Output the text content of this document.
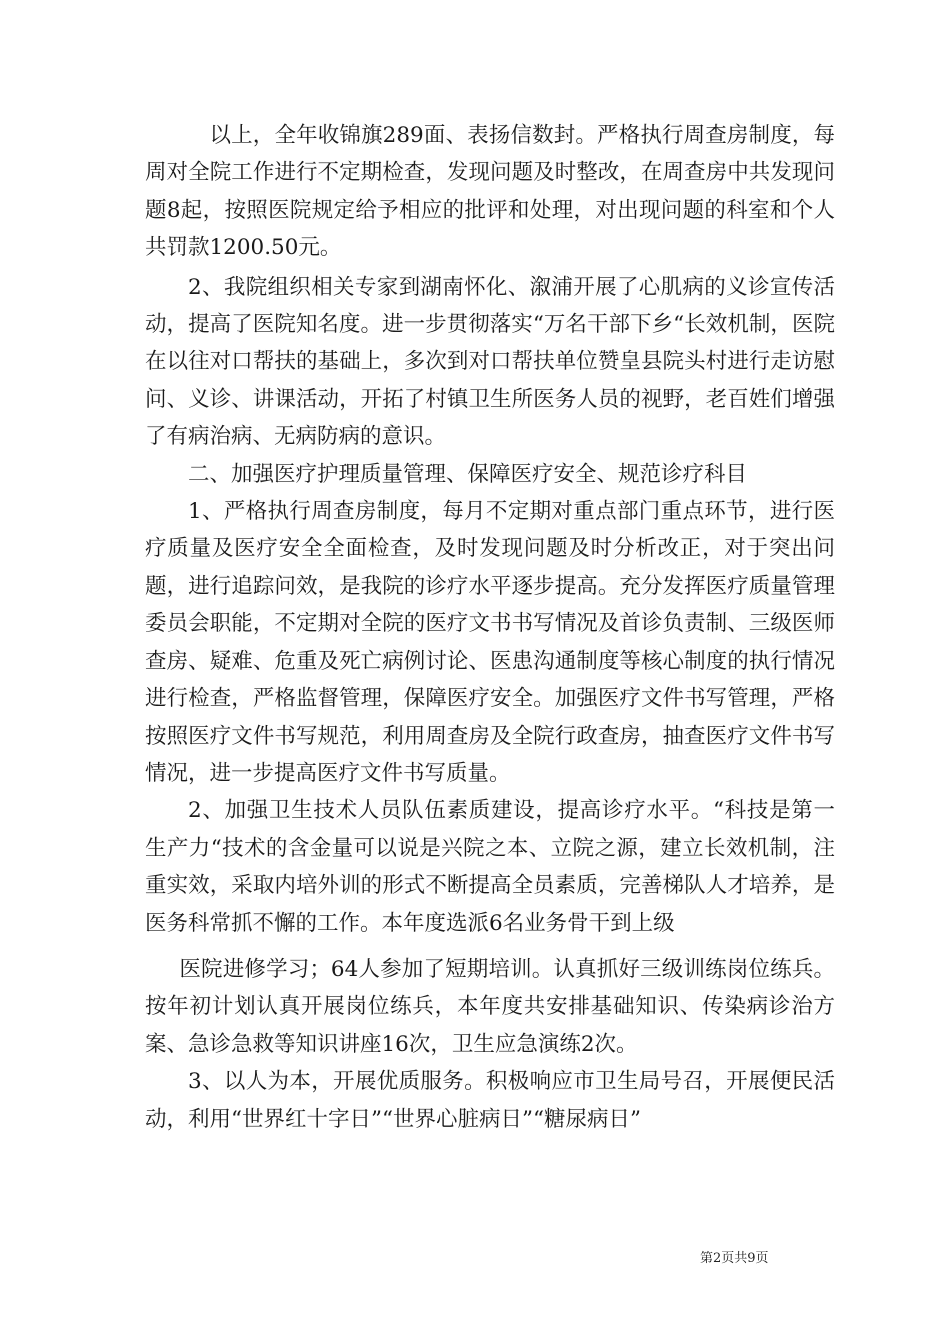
以上，全年收锦旗289面、表扬信数封。严格执行周查房制度，每周对全院工作进行不定期检查，发现问题及时整改，在周查房中共发现问题8起，按照医院规定给予相应的批评和处理，对出现问题的科室和个人共罚款1200.50元。

2、我院组织相关专家到湖南怀化、溆浦开展了心肌病的义诊宣传活动，提高了医院知名度。进一步贯彻落实“万名干部下乡“长效机制，医院在以往对口帮扶的基础上，多次到对口帮扶单位赞皇县院头村进行走访慰问、义诊、讲课活动，开拓了村镇卫生所医务人员的视野，老百姓们增强了有病治病、无病防病的意识。

二、加强医疗护理质量管理、保障医疗安全、规范诊疗科目

1、严格执行周查房制度，每月不定期对重点部门重点环节，进行医疗质量及医疗安全全面检查，及时发现问题及时分析改正，对于突出问题，进行追踪问效，是我院的诊疗水平逐步提高。充分发挥医疗质量管理委员会职能，不定期对全院的医疗文书书写情况及首诊负责制、三级医师查房、疑难、危重及死亡病例讨论、医患沟通制度等核心制度的执行情况进行检查，严格监督管理，保障医疗安全。加强医疗文件书写管理，严格按照医疗文件书写规范，利用周查房及全院行政查房，抽查医疗文件书写情况，进一步提高医疗文件书写质量。

2、加强卫生技术人员队伍素质建设，提高诊疗水平。“科技是第一生产力“技术的含金量可以说是兴院之本、立院之源，建立长效机制，注重实效，采取内培外训的形式不断提高全员素质，完善梯队人才培养，是医务科常抓不懈的工作。本年度选派6名业务骨干到上级

医院进修学习；64人参加了短期培训。认真抓好三级训练岗位练兵。按年初计划认真开展岗位练兵，本年度共安排基础知识、传染病诊治方案、急诊急救等知识讲座16次，卫生应急演练2次。

3、以人为本，开展优质服务。积极响应市卫生局号召，开展便民活动，利用“世界红十字日”“世界心脏病日”“糖尿病日”

第2页共9页
